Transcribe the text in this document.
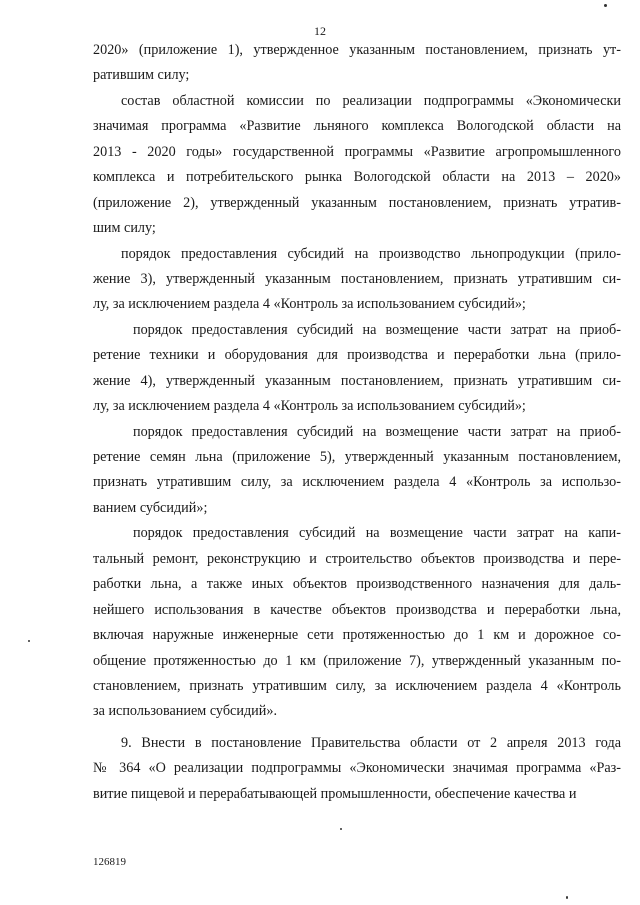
12
2020» (приложение 1), утвержденное указанным постановлением, признать ут-
ратившим силу;
состав областной комиссии по реализации подпрограммы «Экономически
значимая программа «Развитие льняного комплекса Вологодской области на
2013 - 2020 годы» государственной программы «Развитие агропромышленного
комплекса и потребительского рынка Вологодской области на 2013 – 2020»
(приложение 2), утвержденный указанным постановлением, признать утратив-
шим силу;
порядок предоставления субсидий на производство льнопродукции (прило-
жение 3), утвержденный указанным постановлением, признать утратившим си-
лу, за исключением раздела 4 «Контроль за использованием субсидий»;
порядок предоставления субсидий на возмещение части затрат на приоб-
ретение техники и оборудования для производства и переработки льна (прило-
жение 4), утвержденный указанным постановлением, признать утратившим си-
лу, за исключением раздела 4 «Контроль за использованием субсидий»;
порядок предоставления субсидий на возмещение части затрат на приоб-
ретение семян льна (приложение 5), утвержденный указанным постановлением,
признать утратившим силу, за исключением раздела 4 «Контроль за использо-
ванием субсидий»;
порядок предоставления субсидий на возмещение части затрат на капи-
тальный ремонт, реконструкцию и строительство объектов производства и пере-
работки льна, а также иных объектов производственного назначения для даль-
нейшего использования в качестве объектов производства и переработки льна,
включая наружные инженерные сети протяженностью до 1 км и дорожное со-
общение протяженностью до 1 км (приложение 7), утвержденный указанным по-
становлением, признать утратившим силу, за исключением раздела 4 «Контроль
за использованием субсидий».
9. Внести в постановление Правительства области от 2 апреля 2013 года
№ 364 «О реализации подпрограммы «Экономически значимая программа «Раз-
витие пищевой и перерабатывающей промышленности, обеспечение качества и
126819
